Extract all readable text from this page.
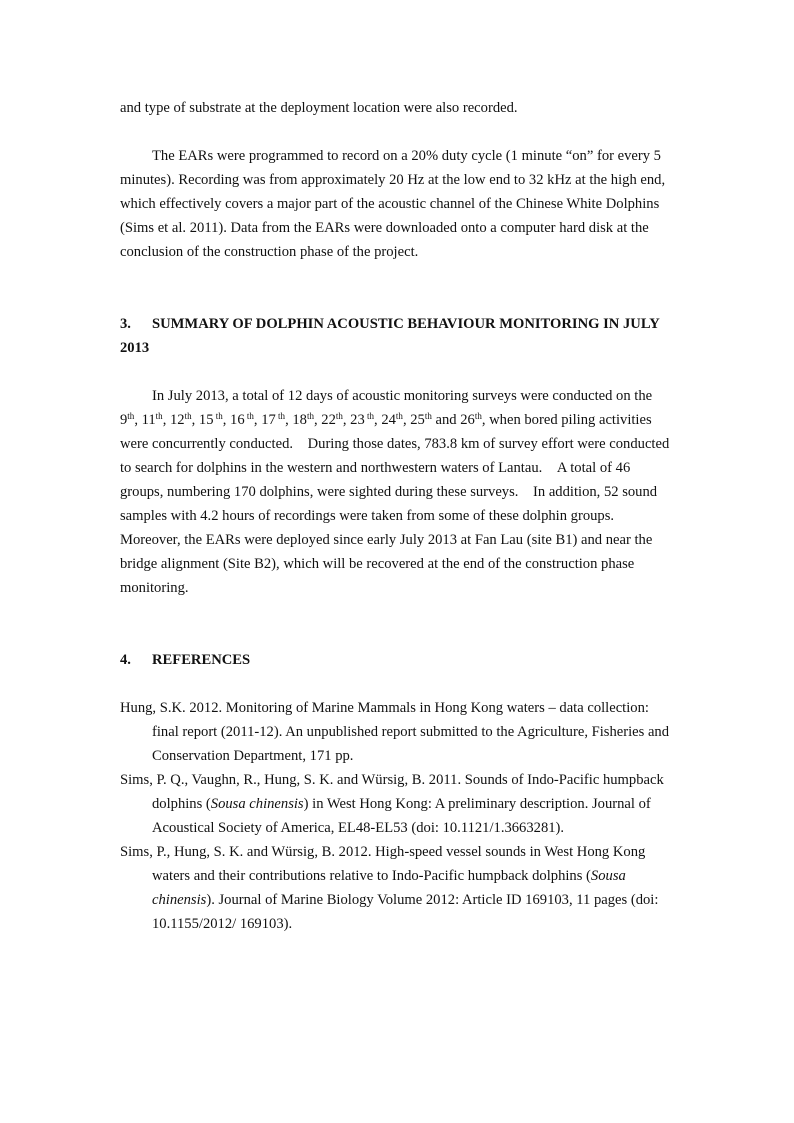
and type of substrate at the deployment location were also recorded.

The EARs were programmed to record on a 20% duty cycle (1 minute “on” for every 5 minutes). Recording was from approximately 20 Hz at the low end to 32 kHz at the high end, which effectively covers a major part of the acoustic channel of the Chinese White Dolphins (Sims et al. 2011). Data from the EARs were downloaded onto a computer hard disk at the conclusion of the construction phase of the project.

3. SUMMARY OF DOLPHIN ACOUSTIC BEHAVIOUR MONITORING IN JULY 2013

In July 2013, a total of 12 days of acoustic monitoring surveys were conducted on the 9th, 11th, 12th, 15 $^{th}$, 16 $^{th}$, 17 $^{th}$, 18th, 22th, 23 $^{th}$, 24th, 25th and 26th, when bored piling activities were concurrently conducted. During those dates, 783.8 km of survey effort were conducted to search for dolphins in the western and northwestern waters of Lantau. A total of 46 groups, numbering 170 dolphins, were sighted during these surveys. In addition, 52 sound samples with 4.2 hours of recordings were taken from some of these dolphin groups. Moreover, the EARs were deployed since early July 2013 at Fan Lau (site B1) and near the bridge alignment (Site B2), which will be recovered at the end of the construction phase monitoring.

4. REFERENCES

Hung, S.K. 2012. Monitoring of Marine Mammals in Hong Kong waters – data collection: final report (2011-12). An unpublished report submitted to the Agriculture, Fisheries and Conservation Department, 171 pp.

Sims, P. Q., Vaughn, R., Hung, S. K. and Würsig, B. 2011. Sounds of Indo-Pacific humpback dolphins (Sousa chinensis) in West Hong Kong: A preliminary description. Journal of Acoustical Society of America, EL48-EL53 (doi: 10.1121/1.3663281).

Sims, P., Hung, S. K. and Würsig, B. 2012. High-speed vessel sounds in West Hong Kong waters and their contributions relative to Indo-Pacific humpback dolphins (Sousa chinensis). Journal of Marine Biology Volume 2012: Article ID 169103, 11 pages (doi: 10.1155/2012/ 169103).
